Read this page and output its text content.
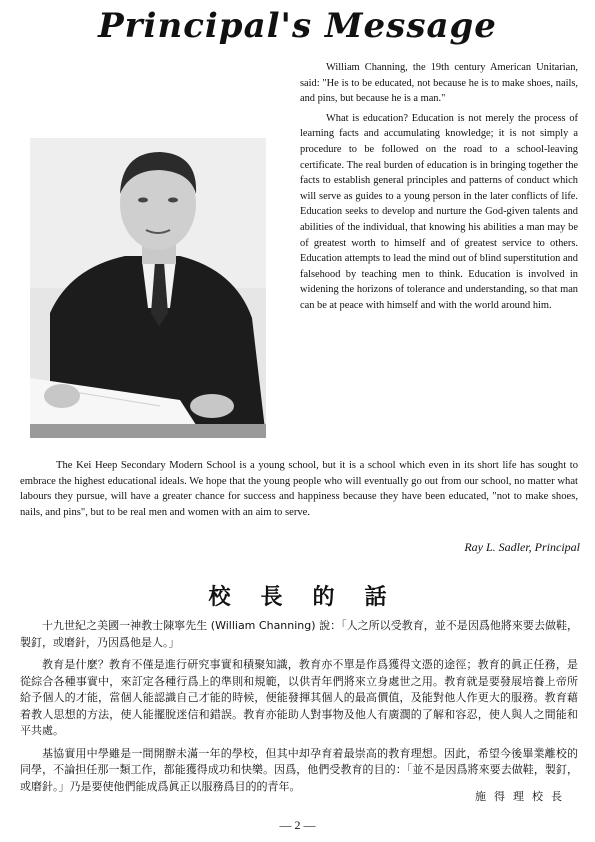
Principal's Message

William Channing, the 19th century American Unitarian, said: "He is to be educated, not because he is to make shoes, nails, and pins, but because he is a man."

What is education? Education is not merely the process of learning facts and accumulating knowledge; it is not simply a procedure to be followed on the road to a school-leaving certificate. The real burden of education is in bringing together the facts to establish general principles and patterns of conduct which will serve as guides to a young person in the later conflicts of life. Education seeks to develop and nurture the God-given talents and abilities of the individual, that knowing his abilities a man may be of greatest worth to himself and of greatest service to others. Education attempts to lead the mind out of blind superstitution and falsehood by teaching men to think. Education is involved in widening the horizons of tolerance and understanding, so that man can be at peace with himself and with the world around him.

The Kei Heep Secondary Modern School is a young school, but it is a school which even in its short life has sought to embrace the highest educational ideals. We hope that the young people who will eventually go out from our school, no matter what labours they pursue, will have a greater chance for success and happiness because they have been educated, "not to make shoes, nails, and pins", but to be real men and women with an aim to serve.

Ray L. Sadler, Principal
校長的話

十九世紀之美國一神教士陳寧先生 (William Channing) 說：「人之所以受教育，並不是因爲他將來要去做鞋，製釘，或磨針，乃因爲他是人。」

教育是什麼？教育不僅是進行研究事實和積聚知識，教育亦不單是作爲獲得文憑的途徑；教育的眞正任務，是從綜合各種事實中，來訂定各種行爲上的準則和規範，以供青年們將來立身處世之用。教育就是要發展培養上帝所給予個人的才能，當個人能認識自己才能的時候，便能發揮其個人的最高價值，及能對他人作更大的服務。教育藉着教人思想的方法，使人能擺脫迷信和錯誤。教育亦能助人對事物及他人有廣濶的了解和容忍，使人與人之間能和平共處。

基協實用中學雖是一間開辦未滿一年的學校，但其中却孕育着最崇高的教育理想。因此，希望今後畢業離校的同學，不論担任那一類工作，都能獲得成功和快樂。因爲，他們受教育的目的：「並不是因爲將來要去做鞋，製釘，或磨針。」乃是要使他們能成爲眞正以服務爲目的的青年。

施得理校長
— 2 —
